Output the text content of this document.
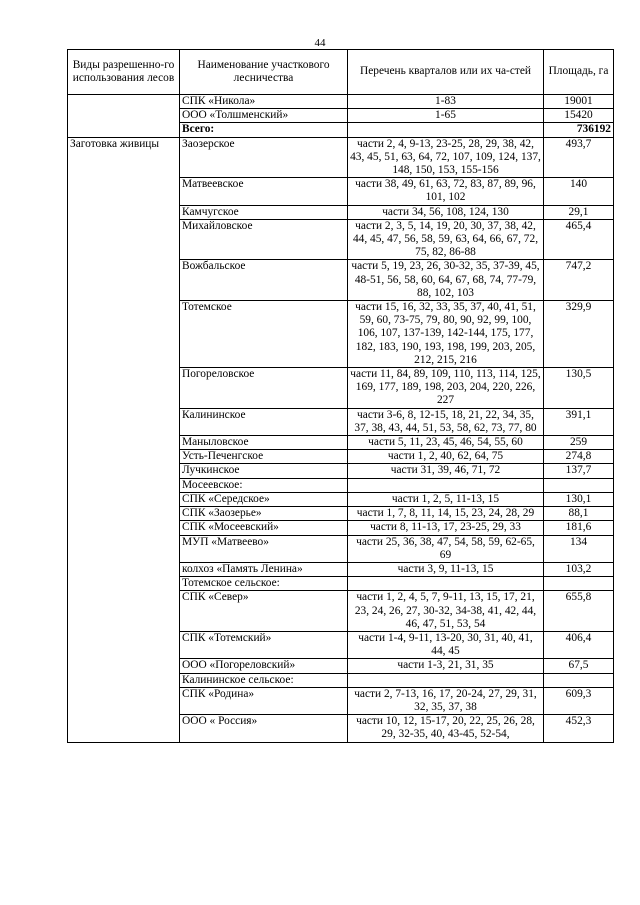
44
Виды разрешенно-го использования лесов	Наименование участкового лесничества	Перечень кварталов или их ча-стей	Площадь, га
	СПК «Никола»	1-83	19001
	ООО «Толшменский»	1-65	15420
	Всего:		736192
Заготовка живицы	Заозерское	части 2, 4, 9-13, 23-25, 28, 29, 38, 42, 43, 45, 51, 63, 64, 72, 107, 109, 124, 137, 148, 150, 153, 155-156	493,7
	Матвеевское	части 38, 49, 61, 63, 72, 83, 87, 89, 96, 101, 102	140
	Камчугское	части 34, 56, 108, 124, 130	29,1
	Михайловское	части 2, 3, 5, 14, 19, 20, 30, 37, 38, 42, 44, 45, 47, 56, 58, 59, 63, 64, 66, 67, 72, 75, 82, 86-88	465,4
	Вожбальское	части 5, 19, 23, 26, 30-32, 35, 37-39, 45, 48-51, 56, 58, 60, 64, 67, 68, 74, 77-79, 88, 102, 103	747,2
	Тотемское	части 15, 16, 32, 33, 35, 37, 40, 41, 51, 59, 60, 73-75, 79, 80, 90, 92, 99, 100, 106, 107, 137-139, 142-144, 175, 177, 182, 183, 190, 193, 198, 199, 203, 205, 212, 215, 216	329,9
	Погореловское	части 11, 84, 89, 109, 110, 113, 114, 125, 169, 177, 189, 198, 203, 204, 220, 226, 227	130,5
	Калининское	части 3-6, 8, 12-15, 18, 21, 22, 34, 35, 37, 38, 43, 44, 51, 53, 58, 62, 73, 77, 80	391,1
	Маныловское	части 5, 11, 23, 45, 46, 54, 55, 60	259
	Усть-Печенгское	части 1, 2, 40, 62, 64, 75	274,8
	Лучкинское	части 31, 39, 46, 71, 72	137,7
	Мосеевское:		
	СПК «Середское»	части 1, 2, 5, 11-13, 15	130,1
	СПК «Заозерье»	части 1, 7, 8, 11, 14, 15, 23, 24, 28, 29	88,1
	СПК «Мосеевский»	части 8, 11-13, 17, 23-25, 29, 33	181,6
	МУП «Матвеево»	части 25, 36, 38, 47, 54, 58, 59, 62-65, 69	134
	колхоз «Память Ленина»	части 3, 9, 11-13, 15	103,2
	Тотемское сельское:		
	СПК «Север»	части 1, 2, 4, 5, 7, 9-11, 13, 15, 17, 21, 23, 24, 26, 27, 30-32, 34-38, 41, 42, 44, 46, 47, 51, 53, 54	655,8
	СПК «Тотемский»	части 1-4, 9-11, 13-20, 30, 31, 40, 41, 44, 45	406,4
	ООО «Погореловский»	части 1-3, 21, 31, 35	67,5
	Калининское сельское:		
	СПК «Родина»	части 2, 7-13, 16, 17, 20-24, 27, 29, 31, 32, 35, 37, 38	609,3
	ООО « Россия»	части 10, 12, 15-17, 20, 22, 25, 26, 28, 29, 32-35, 40, 43-45, 52-54,	452,3
